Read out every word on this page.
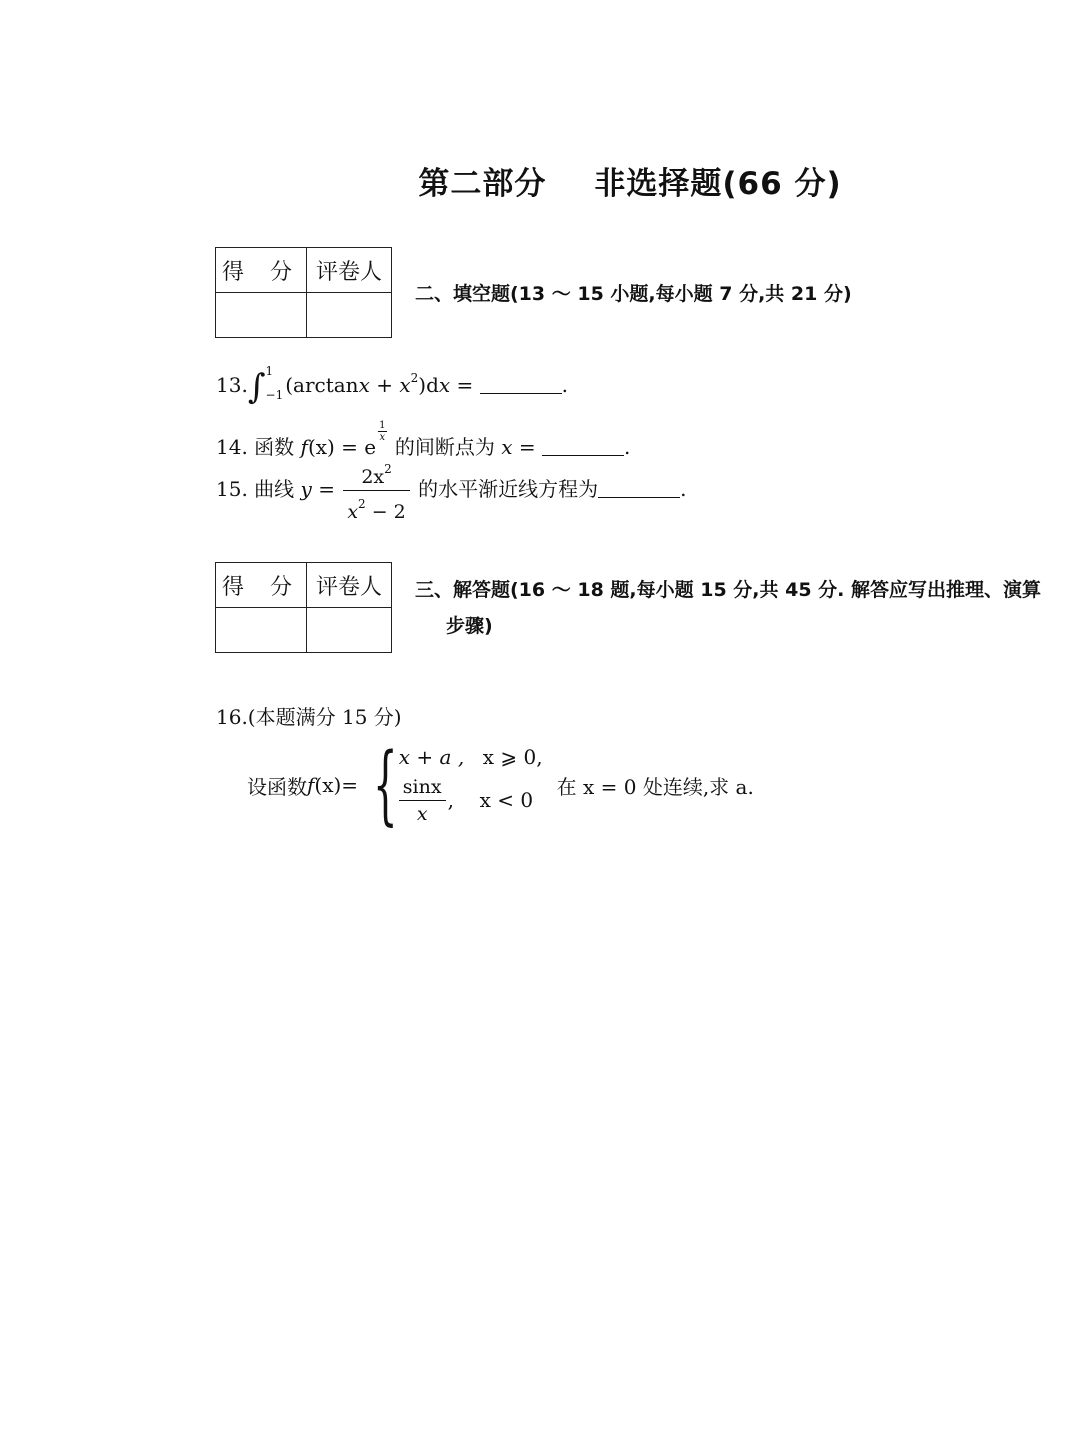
第二部分 非选择题(66 分)
得 分	评卷人

二、填空题(13 ～ 15 小题,每小题 7 分,共 21 分)
13.∫ 1
−1 $(\arctan x + x^2)dx$ =	.
14. 函数 f(x) = e
$\frac{1}{x}$
的间断点为 x =	.
15. 曲线 $y = \frac{2x^2}{x^2 - 2}$ 的水平渐近线方程为	.
得 分	评卷人
	三、解答题(16 ～ 18 题,每小题 15 分,共 45 分. 解答应写出推理、演算
步骤)
16.(本题满分 15 分)
设函数 f (x) = { x + a , x ⩾ 0,
$\frac{\sin x}{x}$ ,	x < 0
在 x = 0 处连续,求 a.
